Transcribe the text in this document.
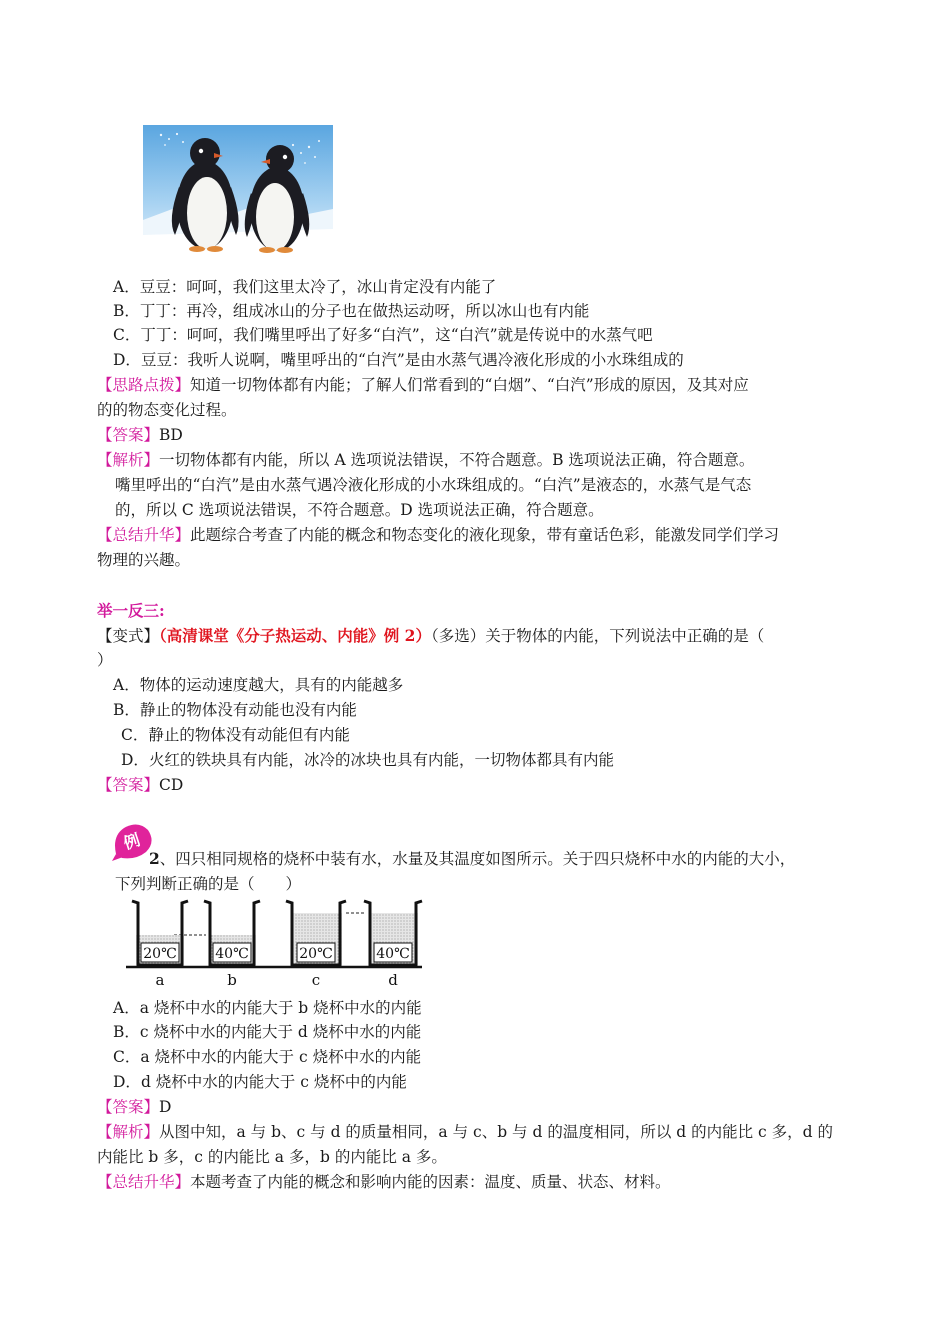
A．豆豆：呵呵，我们这里太冷了，冰山肯定没有内能了
B．丁丁：再冷，组成冰山的分子也在做热运动呀，所以冰山也有内能
C．丁丁：呵呵，我们嘴里呼出了好多“白汽”，这“白汽”就是传说中的水蒸气吧
D．豆豆：我听人说啊，嘴里呼出的“白汽”是由水蒸气遇冷液化形成的小水珠组成的
【思路点拨】知道一切物体都有内能；了解人们常看到的“白烟”、“白汽”形成的原因，及其对应
的的物态变化过程。
【答案】BD
【解析】一切物体都有内能，所以 A 选项说法错误，不符合题意。B 选项说法正确，符合题意。
嘴里呼出的“白汽”是由水蒸气遇冷液化形成的小水珠组成的。“白汽”是液态的，水蒸气是气态
的，所以 C 选项说法错误，不符合题意。D 选项说法正确，符合题意。
【总结升华】此题综合考查了内能的概念和物态变化的液化现象，带有童话色彩，能激发同学们学习
物理的兴趣。
举一反三:
【变式】（高清课堂《分子热运动、内能》例 2）（多选）关于物体的内能，下列说法中正确的是（
）
A．物体的运动速度越大，具有的内能越多
B．静止的物体没有动能也没有内能
C．静止的物体没有动能但有内能
D．火红的铁块具有内能，冰冷的冰块也具有内能，一切物体都具有内能
【答案】CD
例
2、四只相同规格的烧杯中装有水，水量及其温度如图所示。关于四只烧杯中水的内能的大小，
下列判断正确的是（　　）
20℃	40℃	20℃	40℃
a	b	c	d
A．a 烧杯中水的内能大于 b 烧杯中水的内能
B．c 烧杯中水的内能大于 d 烧杯中水的内能
C．a 烧杯中水的内能大于 c 烧杯中水的内能
D．d 烧杯中水的内能大于 c 烧杯中的内能
【答案】D
【解析】从图中知，a 与 b、c 与 d 的质量相同，a 与 c、b 与 d 的温度相同，所以 d 的内能比 c 多，d 的
内能比 b 多，c 的内能比 a 多，b 的内能比 a 多。
【总结升华】本题考查了内能的概念和影响内能的因素：温度、质量、状态、材料。
